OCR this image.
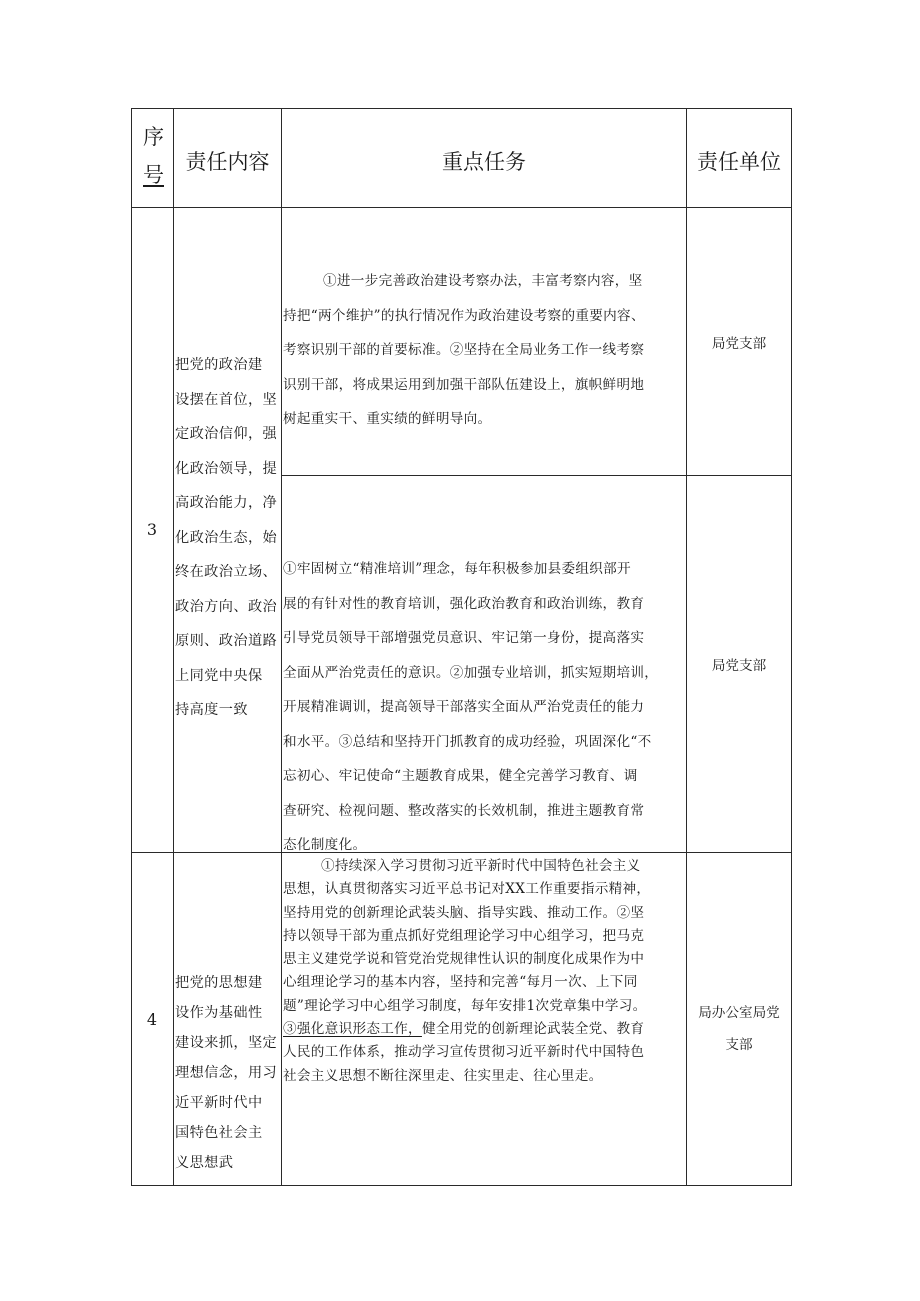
序
号
责任内容	重点任务	责任单位
3
把党的政治建
设摆在首位，坚
定政治信仰，强
化政治领导，提
高政治能力，净
化政治生态，始
终在政治立场、
政治方向、政治
原则、政治道路
上同党中央保
持高度一致
①进一步完善政治建设考察办法，丰富考察内容，坚
持把“两个维护”的执行情况作为政治建设考察的重要内容、
考察识别干部的首要标准。②坚持在全局业务工作一线考察
识别干部，将成果运用到加强干部队伍建设上，旗帜鲜明地
树起重实干、重实绩的鲜明导向。
局党支部
①牢固树立“精准培训”理念，每年积极参加县委组织部开
展的有针对性的教育培训，强化政治教育和政治训练，教育
引导党员领导干部增强党员意识、牢记第一身份，提高落实
全面从严治党责任的意识。②加强专业培训，抓实短期培训，
开展精准调训，提高领导干部落实全面从严治党责任的能力
和水平。③总结和坚持开门抓教育的成功经验，巩固深化“不
忘初心、牢记使命“主题教育成果，健全完善学习教育、调
查研究、检视问题、整改落实的长效机制，推进主题教育常
态化制度化。
局党支部
4
把党的思想建
设作为基础性
建设来抓，坚定
理想信念，用习
近平新时代中
国特色社会主
义思想武
①持续深入学习贯彻习近平新时代中国特色社会主义
思想，认真贯彻落实习近平总书记对XX工作重要指示精神，
坚持用党的创新理论武装头脑、指导实践、推动工作。②坚
持以领导干部为重点抓好党组理论学习中心组学习，把马克
思主义建党学说和管党治党规律性认识的制度化成果作为中
心组理论学习的基本内容，坚持和完善“每月一次、上下同
题”理论学习中心组学习制度，每年安排1次党章集中学习。
③强化意识形态工作，健全用党的创新理论武装全党、教育
人民的工作体系，推动学习宣传贯彻习近平新时代中国特色
社会主义思想不断往深里走、往实里走、往心里走。
局办公室局党
支部
